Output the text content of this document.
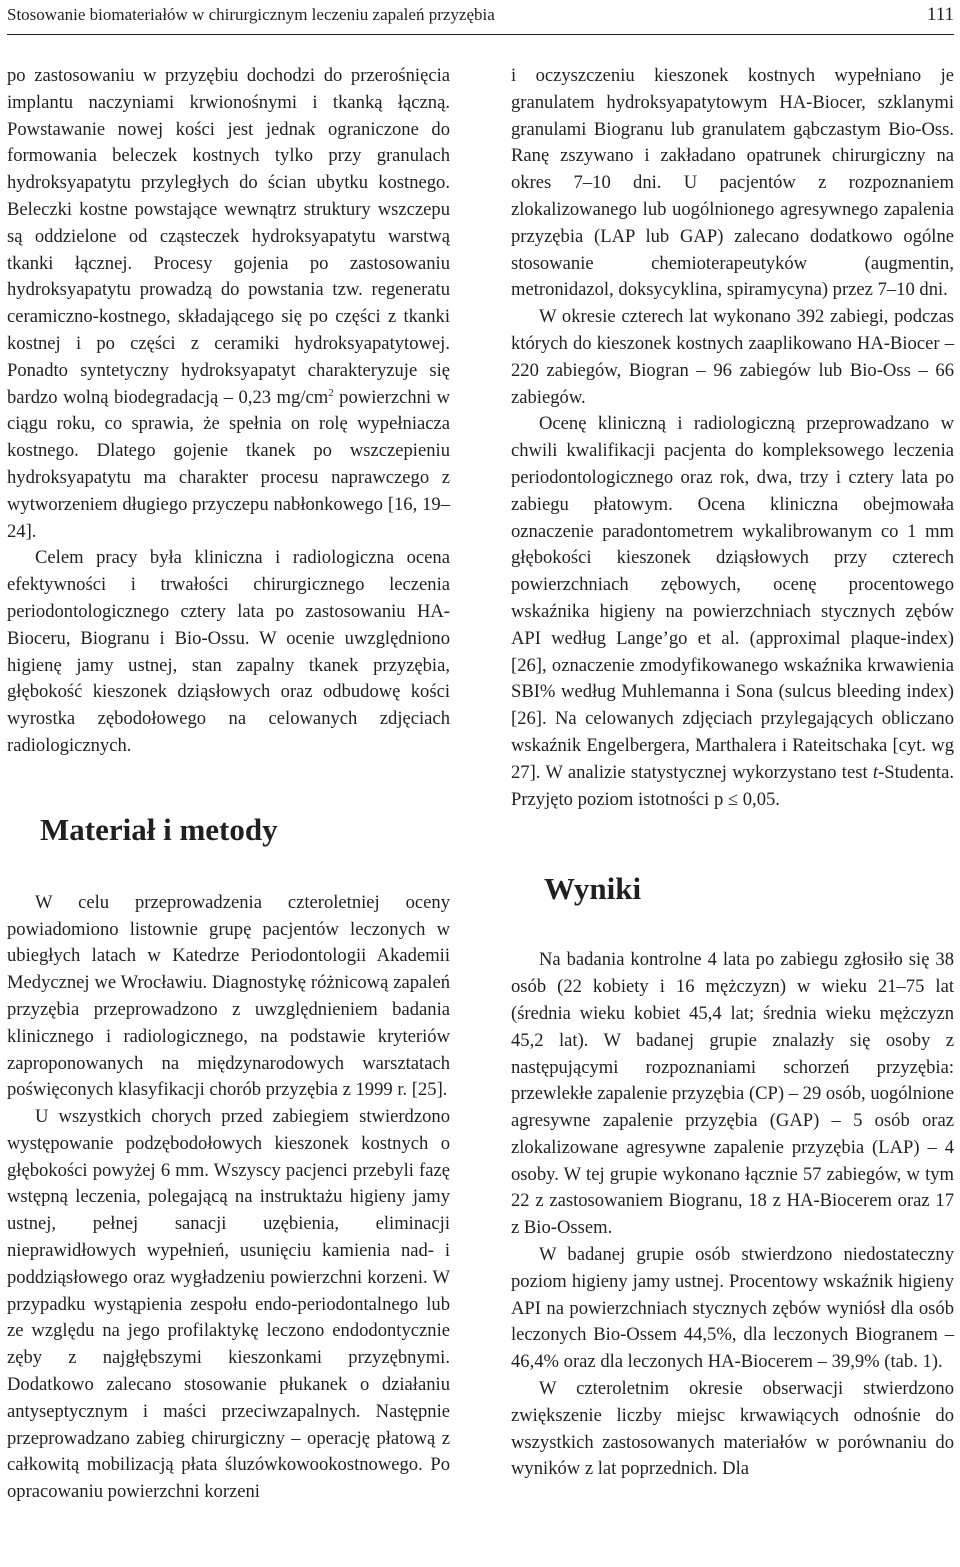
Stosowanie biomateriałów w chirurgicznym leczeniu zapaleń przyzębia	111

po zastosowaniu w przyzębiu dochodzi do przerośnięcia implantu naczyniami krwionośnymi i tkanką łączną. Powstawanie nowej kości jest jednak ograniczone do formowania beleczek kostnych tylko przy granulach hydroksyapatytu przyległych do ścian ubytku kostnego. Beleczki kostne powstające wewnątrz struktury wszczepu są oddzielone od cząsteczek hydroksyapatytu warstwą tkanki łącznej. Procesy gojenia po zastosowaniu hydroksyapatytu prowadzą do powstania tzw. regeneratu ceramiczno-kostnego, składającego się po części z tkanki kostnej i po części z ceramiki hydroksyapatytowej. Ponadto syntetyczny hydroksyapatyt charakteryzuje się bardzo wolną biodegradacją – 0,23 $mg/cm^2$ powierzchni w ciągu roku, co sprawia, że spełnia on rolę wypełniacza kostnego. Dlatego gojenie tkanek po wszczepieniu hydroksyapatytu ma charakter procesu naprawczego z wytworzeniem długiego przyczepu nabłonkowego [16, 19–24].

Celem pracy była kliniczna i radiologiczna ocena efektywności i trwałości chirurgicznego leczenia periodontologicznego cztery lata po zastosowaniu HA-Bioceru, Biogranu i Bio-Ossu. W ocenie uwzględniono higienę jamy ustnej, stan zapalny tkanek przyzębia, głębokość kieszonek dziąsłowych oraz odbudowę kości wyrostka zębodołowego na celowanych zdjęciach radiologicznych.

Materiał i metody

W celu przeprowadzenia czteroletniej oceny powiadomiono listownie grupę pacjentów leczonych w ubiegłych latach w Katedrze Periodontologii Akademii Medycznej we Wrocławiu. Diagnostykę różnicową zapaleń przyzębia przeprowadzono z uwzględnieniem badania klinicznego i radiologicznego, na podstawie kryteriów zaproponowanych na międzynarodowych warsztatach poświęconych klasyfikacji chorób przyzębia z 1999 r. [25].

U wszystkich chorych przed zabiegiem stwierdzono występowanie podzębodołowych kieszonek kostnych o głębokości powyżej 6 mm. Wszyscy pacjenci przebyli fazę wstępną leczenia, polegającą na instruktażu higieny jamy ustnej, pełnej sanacji uzębienia, eliminacji nieprawidłowych wypełnień, usunięciu kamienia nad- i poddziąsłowego oraz wygładzeniu powierzchni korzeni. W przypadku wystąpienia zespołu endo-periodontalnego lub ze względu na jego profilaktykę leczono endodontycznie zęby z najgłębszymi kieszonkami przyzębnymi. Dodatkowo zalecano stosowanie płukanek o działaniu antyseptycznym i maści przeciwzapalnych. Następnie przeprowadzano zabieg chirurgiczny – operację płatową z całkowitą mobilizacją płata śluzówkowookostnowego. Po opracowaniu powierzchni korzeni

i oczyszczeniu kieszonek kostnych wypełniano je granulatem hydroksyapatytowym HA-Biocer, szklanymi granulami Biogranu lub granulatem gąbczastym Bio-Oss. Ranę zszywano i zakładano opatrunek chirurgiczny na okres 7–10 dni. U pacjentów z rozpoznaniem zlokalizowanego lub uogólnionego agresywnego zapalenia przyzębia (LAP lub GAP) zalecano dodatkowo ogólne stosowanie chemioterapeutyków (augmentin, metronidazol, doksycyklina, spiramycyna) przez 7–10 dni.

W okresie czterech lat wykonano 392 zabiegi, podczas których do kieszonek kostnych zaaplikowano HA-Biocer – 220 zabiegów, Biogran – 96 zabiegów lub Bio-Oss – 66 zabiegów.

Ocenę kliniczną i radiologiczną przeprowadzano w chwili kwalifikacji pacjenta do kompleksowego leczenia periodontologicznego oraz rok, dwa, trzy i cztery lata po zabiegu płatowym. Ocena kliniczna obejmowała oznaczenie paradontometrem wykalibrowanym co 1 mm głębokości kieszonek dziąsłowych przy czterech powierzchniach zębowych, ocenę procentowego wskaźnika higieny na powierzchniach stycznych zębów API według Lange’go et al. (approximal plaque-index) [26], oznaczenie zmodyfikowanego wskaźnika krwawienia SBI% według Muhlemanna i Sona (sulcus bleeding index) [26]. Na celowanych zdjęciach przylegających obliczano wskaźnik Engelbergera, Marthalera i Rateitschaka [cyt. wg 27]. W analizie statystycznej wykorzystano test t-Studenta. Przyjęto poziom istotności p ≤ 0,05.

Wyniki

Na badania kontrolne 4 lata po zabiegu zgłosiło się 38 osób (22 kobiety i 16 mężczyzn) w wieku 21–75 lat (średnia wieku kobiet 45,4 lat; średnia wieku mężczyzn 45,2 lat). W badanej grupie znalazły się osoby z następującymi rozpoznaniami schorzeń przyzębia: przewlekłe zapalenie przyzębia (CP) – 29 osób, uogólnione agresywne zapalenie przyzębia (GAP) – 5 osób oraz zlokalizowane agresywne zapalenie przyzębia (LAP) – 4 osoby. W tej grupie wykonano łącznie 57 zabiegów, w tym 22 z zastosowaniem Biogranu, 18 z HA-Biocerem oraz 17 z Bio-Ossem.

W badanej grupie osób stwierdzono niedostateczny poziom higieny jamy ustnej. Procentowy wskaźnik higieny API na powierzchniach stycznych zębów wyniósł dla osób leczonych Bio-Ossem 44,5%, dla leczonych Biogranem – 46,4% oraz dla leczonych HA-Biocerem – 39,9% (tab. 1).

W czteroletnim okresie obserwacji stwierdzono zwiększenie liczby miejsc krwawiących odnośnie do wszystkich zastosowanych materiałów w porównaniu do wyników z lat poprzednich. Dla
